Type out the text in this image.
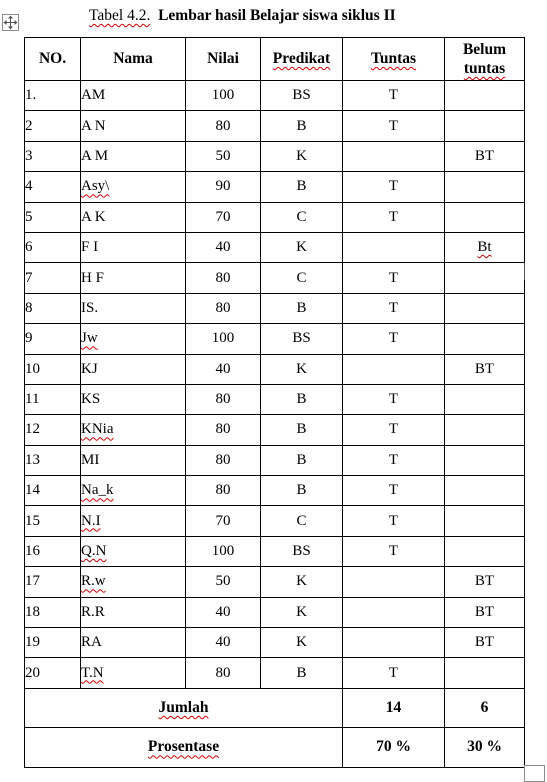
Tabel 4.2. Lembar hasil Belajar siswa siklus II
NO.	Nama	Nilai	Predikat	Tuntas	Belum
tuntas
1.	AM	100	BS	T	
2	A N	80	B	T	
3	A M	50	K		BT
4	Asy\	90	B	T	
5	A K	70	C	T	
6	F I	40	K		Bt
7	H F	80	C	T	
8	IS.	80	B	T	
9	Jw	100	BS	T	
10	KJ	40	K		BT
11	KS	80	B	T	
12	KNia	80	B	T	
13	MI	80	B	T	
14	Na_k	80	B	T	
15	N.I	70	C	T	
16	Q.N	100	BS	T	
17	R.w	50	K		BT
18	R.R	40	K		BT
19	RA	40	K		BT
20	T.N	80	B	T	
Jumlah				14	6
Prosentase				70 %	30 %
